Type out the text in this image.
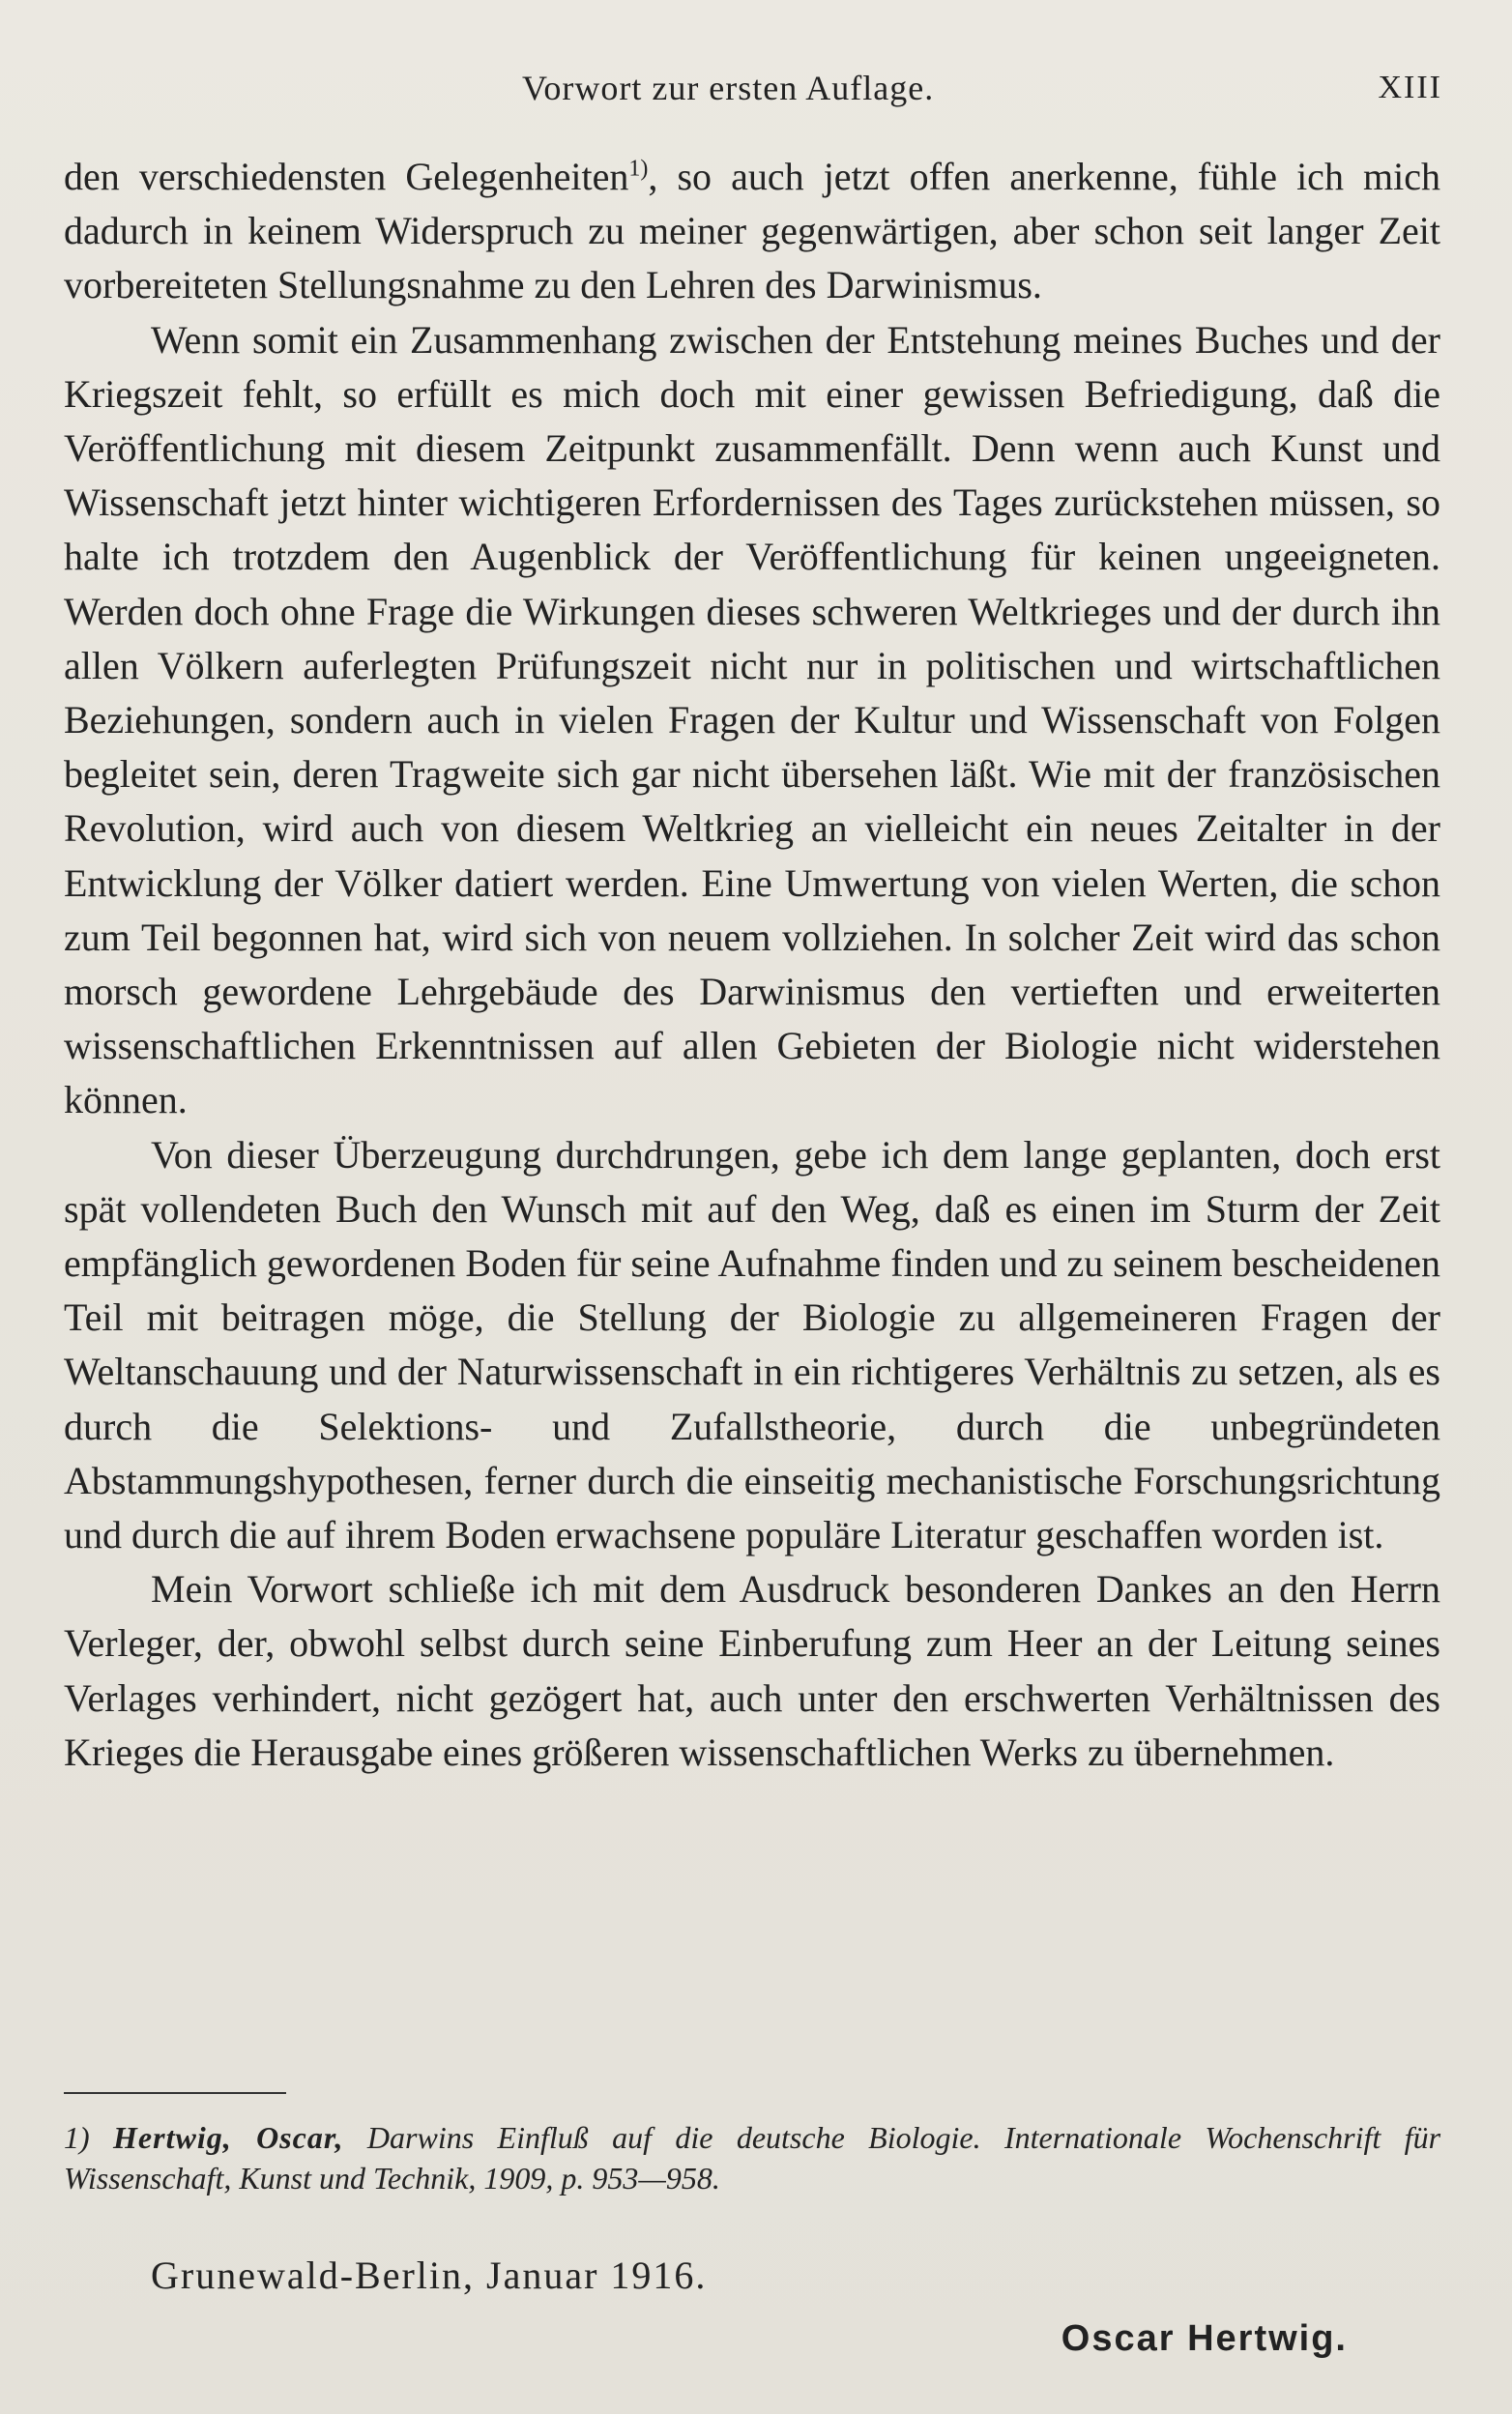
Vorwort zur ersten Auflage.	XIII

den verschiedensten Gelegenheiten$^{1)}$, so auch jetzt offen anerkenne, fühle ich mich dadurch in keinem Widerspruch zu meiner gegenwärtigen, aber schon seit langer Zeit vorbereiteten Stellungsnahme zu den Lehren des Darwinismus.

Wenn somit ein Zusammenhang zwischen der Entstehung meines Buches und der Kriegszeit fehlt, so erfüllt es mich doch mit einer gewissen Befriedigung, daß die Veröffentlichung mit diesem Zeitpunkt zusammenfällt. Denn wenn auch Kunst und Wissenschaft jetzt hinter wichtigeren Erfordernissen des Tages zurückstehen müssen, so halte ich trotzdem den Augenblick der Veröffentlichung für keinen ungeeigneten. Werden doch ohne Frage die Wirkungen dieses schweren Weltkrieges und der durch ihn allen Völkern auferlegten Prüfungszeit nicht nur in politischen und wirtschaftlichen Beziehungen, sondern auch in vielen Fragen der Kultur und Wissenschaft von Folgen begleitet sein, deren Tragweite sich gar nicht übersehen läßt. Wie mit der französischen Revolution, wird auch von diesem Weltkrieg an vielleicht ein neues Zeitalter in der Entwicklung der Völker datiert werden. Eine Umwertung von vielen Werten, die schon zum Teil begonnen hat, wird sich von neuem vollziehen. In solcher Zeit wird das schon morsch gewordene Lehrgebäude des Darwinismus den vertieften und erweiterten wissenschaftlichen Erkenntnissen auf allen Gebieten der Biologie nicht widerstehen können.

Von dieser Überzeugung durchdrungen, gebe ich dem lange geplanten, doch erst spät vollendeten Buch den Wunsch mit auf den Weg, daß es einen im Sturm der Zeit empfänglich gewordenen Boden für seine Aufnahme finden und zu seinem bescheidenen Teil mit beitragen möge, die Stellung der Biologie zu allgemeineren Fragen der Weltanschauung und der Naturwissenschaft in ein richtigeres Verhältnis zu setzen, als es durch die Selektions- und Zufallstheorie, durch die unbegründeten Abstammungshypothesen, ferner durch die einseitig mechanistische Forschungsrichtung und durch die auf ihrem Boden erwachsene populäre Literatur geschaffen worden ist.

Mein Vorwort schließe ich mit dem Ausdruck besonderen Dankes an den Herrn Verleger, der, obwohl selbst durch seine Einberufung zum Heer an der Leitung seines Verlages verhindert, nicht gezögert hat, auch unter den erschwerten Verhältnissen des Krieges die Herausgabe eines größeren wissenschaftlichen Werks zu übernehmen.

1) Hertwig, Oscar, Darwins Einfluß auf die deutsche Biologie. Internationale Wochenschrift für Wissenschaft, Kunst und Technik, 1909, p. 953—958.
Grunewald-Berlin, Januar 1916.
Oscar Hertwig.
